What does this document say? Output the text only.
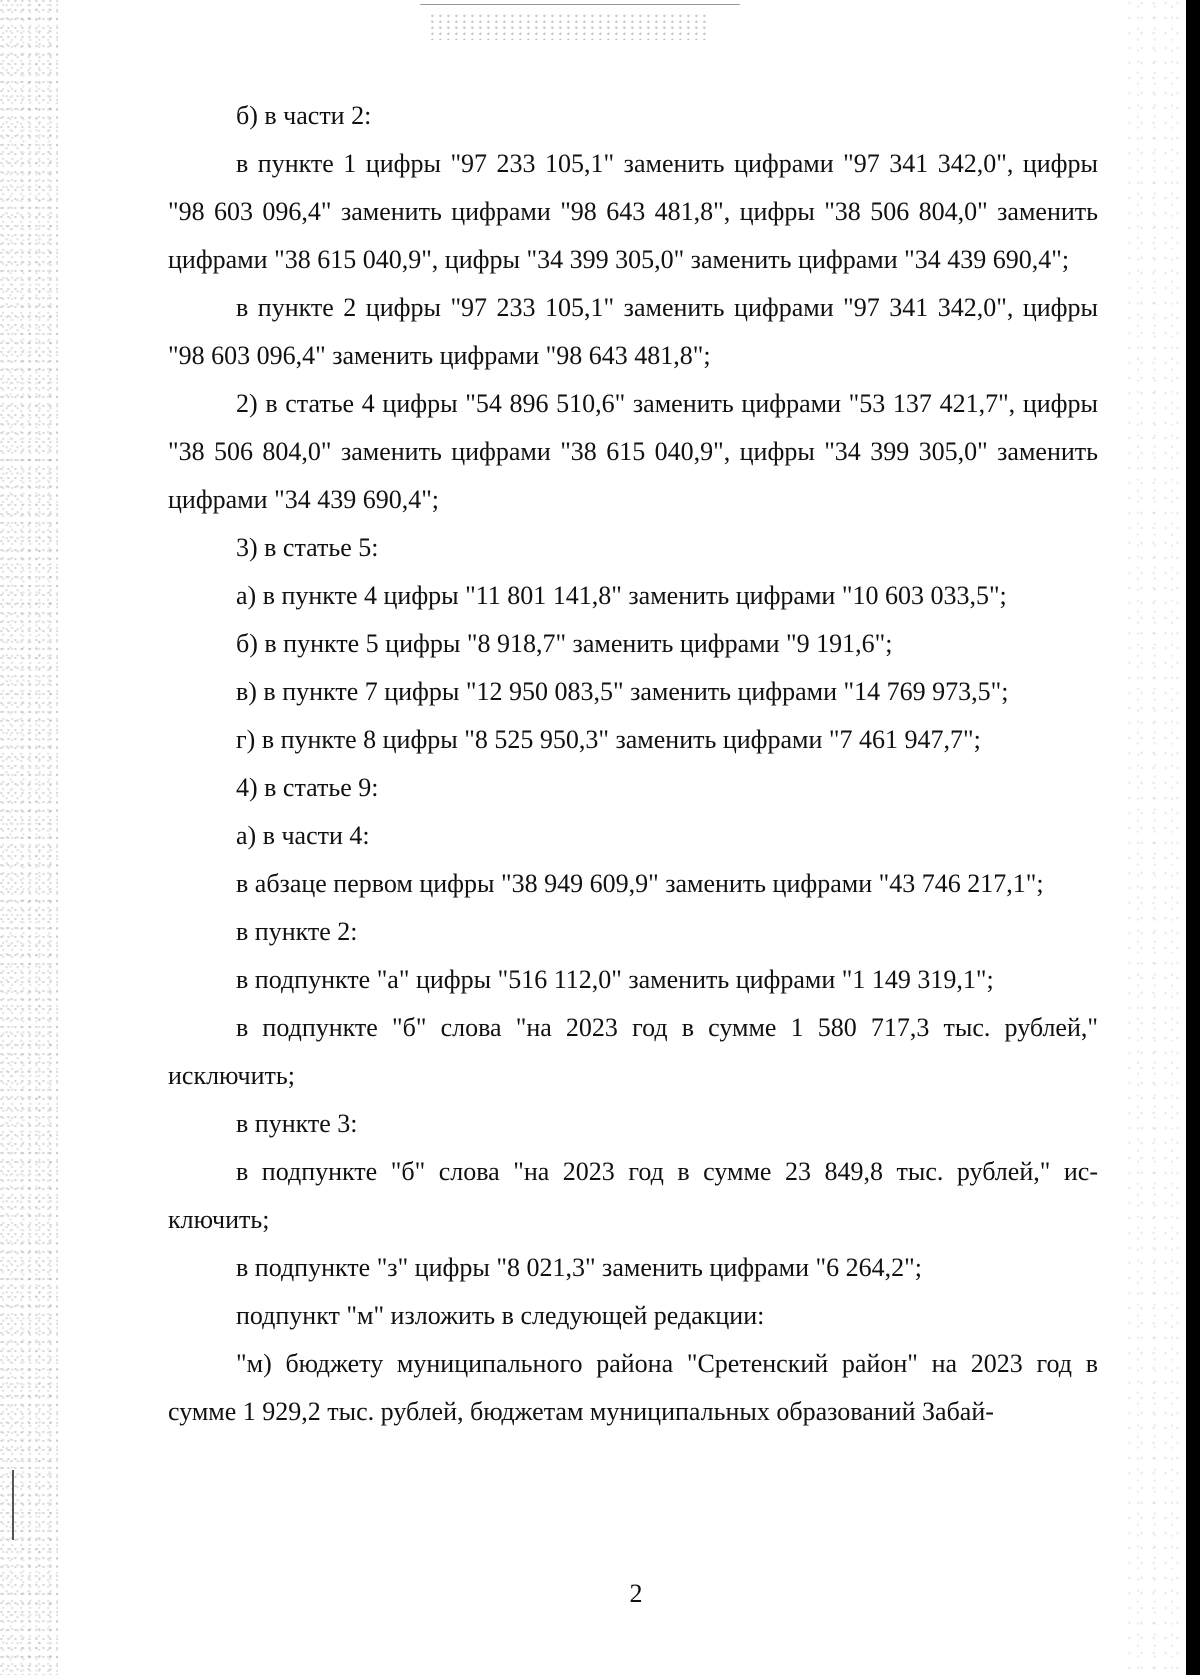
б) в части 2:

в пункте 1 цифры "97 233 105,1" заменить цифрами "97 341 342,0", цифры "98 603 096,4" заменить цифрами "98 643 481,8", цифры "38 506 804,0" заменить цифрами "38 615 040,9", цифры "34 399 305,0" заменить цифрами "34 439 690,4";

в пункте 2 цифры "97 233 105,1" заменить цифрами "97 341 342,0", цифры "98 603 096,4" заменить цифрами "98 643 481,8";

2) в статье 4 цифры "54 896 510,6" заменить цифрами "53 137 421,7", цифры "38 506 804,0" заменить цифрами "38 615 040,9", цифры "34 399 305,0" заменить цифрами "34 439 690,4";

3) в статье 5:

а) в пункте 4 цифры "11 801 141,8" заменить цифрами "10 603 033,5";

б) в пункте 5 цифры "8 918,7" заменить цифрами "9 191,6";

в) в пункте 7 цифры "12 950 083,5" заменить цифрами "14 769 973,5";

г) в пункте 8 цифры "8 525 950,3" заменить цифрами "7 461 947,7";

4) в статье 9:

а) в части 4:

в абзаце первом цифры "38 949 609,9" заменить цифрами "43 746 217,1";

в пункте 2:

в подпункте "а" цифры "516 112,0" заменить цифрами "1 149 319,1";

в подпункте "б" слова "на 2023 год в сумме 1 580 717,3 тыс. рублей," исключить;

в пункте 3:

в подпункте "б" слова "на 2023 год в сумме 23 849,8 тыс. рублей," исключить;

в подпункте "з" цифры "8 021,3" заменить цифрами "6 264,2";

подпункт "м" изложить в следующей редакции:

"м) бюджету муниципального района "Сретенский район" на 2023 год в сумме 1 929,2 тыс. рублей, бюджетам муниципальных образований Забай-

2
